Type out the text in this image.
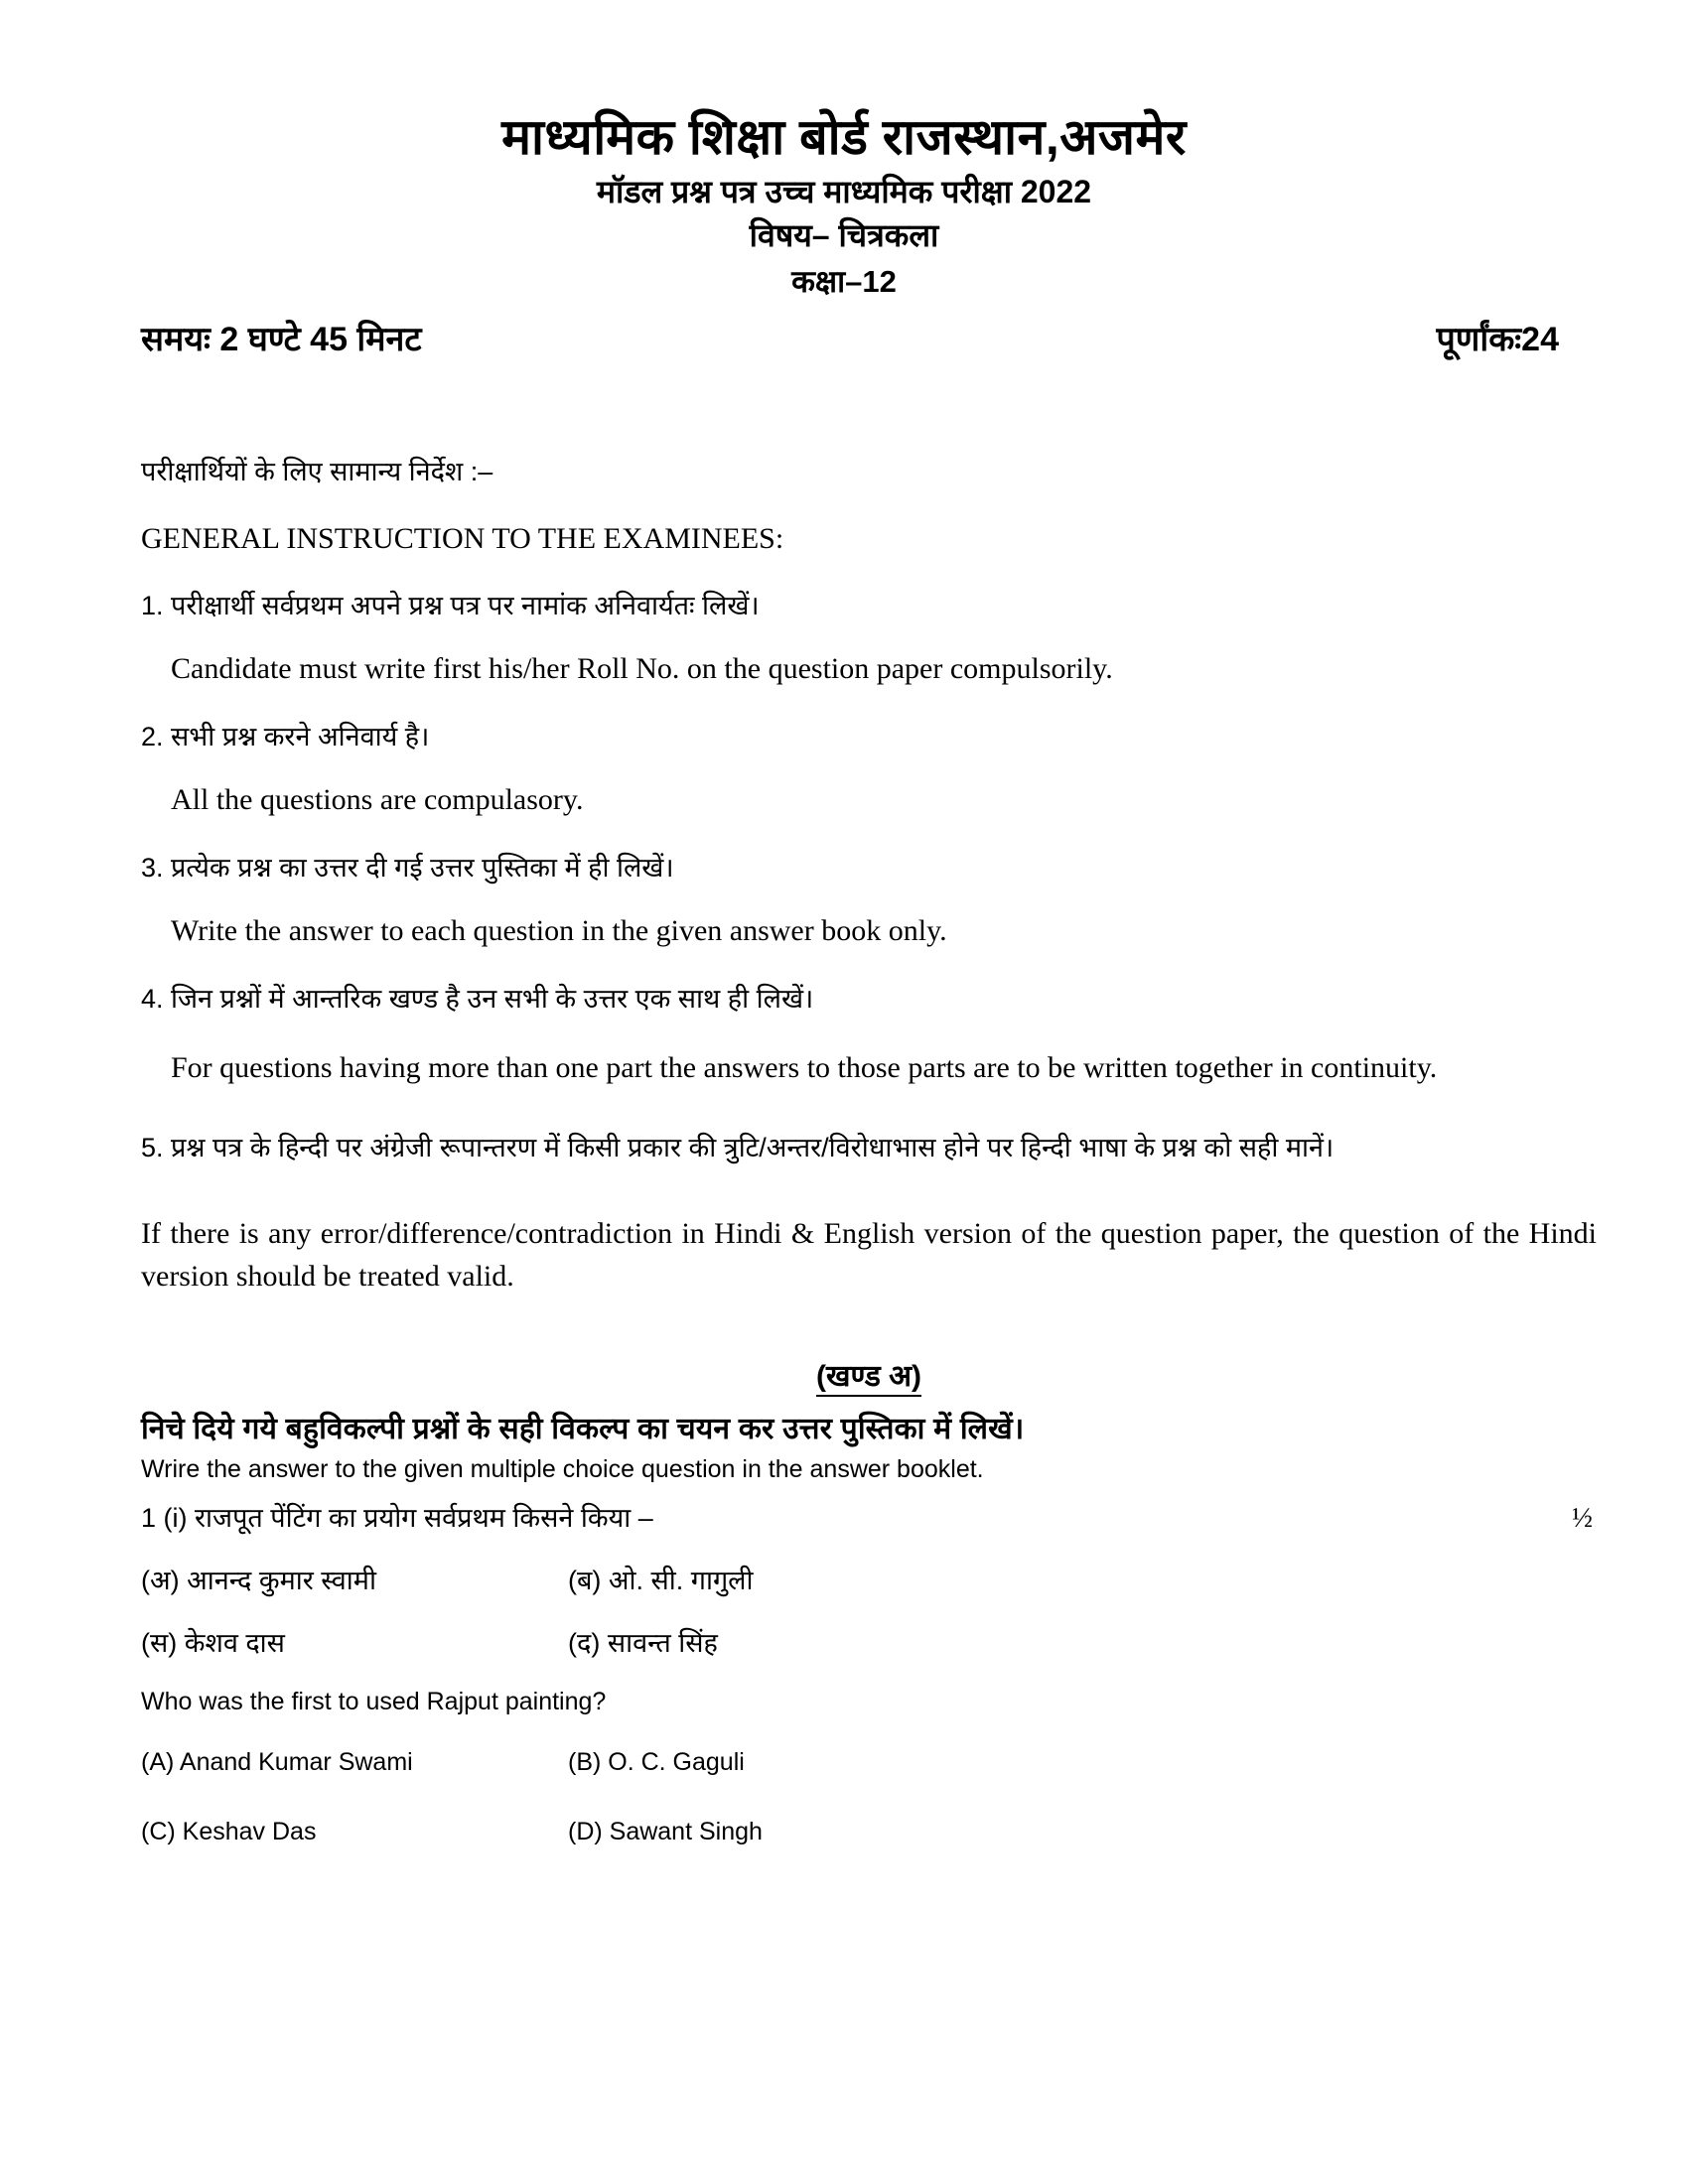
माध्यमिक शिक्षा बोर्ड राजस्थान,अजमेर
मॉडल प्रश्न पत्र उच्च माध्यमिक परीक्षा 2022
विषय– चित्रकला
कक्षा–12
समयः 2 घण्टे 45 मिनट	पूर्णांकः24
परीक्षार्थियों के लिए सामान्य निर्देश :–
GENERAL INSTRUCTION TO THE EXAMINEES:
1. परीक्षार्थी सर्वप्रथम अपने प्रश्न पत्र पर नामांक अनिवार्यतः लिखें।
Candidate must write first his/her Roll No. on the question paper compulsorily.
2. सभी प्रश्न करने अनिवार्य है।
All the questions are compulasory.
3. प्रत्येक प्रश्न का उत्तर दी गई उत्तर पुस्तिका में ही लिखें।
Write the answer to each question in the given answer book only.
4. जिन प्रश्नों में आन्तरिक खण्ड है उन सभी के उत्तर एक साथ ही लिखें।
For questions having more than one part the answers to those parts are to be written together in continuity.
5. प्रश्न पत्र के हिन्दी पर अंग्रेजी रूपान्तरण में किसी प्रकार की त्रुटि/अन्तर/विरोधाभास होने पर हिन्दी भाषा के प्रश्न को सही मानें।
If there is any error/difference/contradiction in Hindi & English version of the question paper, the question of the Hindi version should be treated valid.
(खण्ड अ)
निचे दिये गये बहुविकल्पी प्रश्नों के सही विकल्प का चयन कर उत्तर पुस्तिका में लिखें।
Wrire the answer to the given multiple choice question in the answer booklet.
1 (i) राजपूत पेंटिंग का प्रयोग सर्वप्रथम किसने किया –	½
(अ) आनन्द कुमार स्वामी	(ब) ओ. सी. गागुली
(स) केशव दास	(द) सावन्त सिंह
Who was the first to used Rajput painting?
(A) Anand Kumar Swami	(B) O. C. Gaguli
(C) Keshav Das	(D) Sawant Singh
